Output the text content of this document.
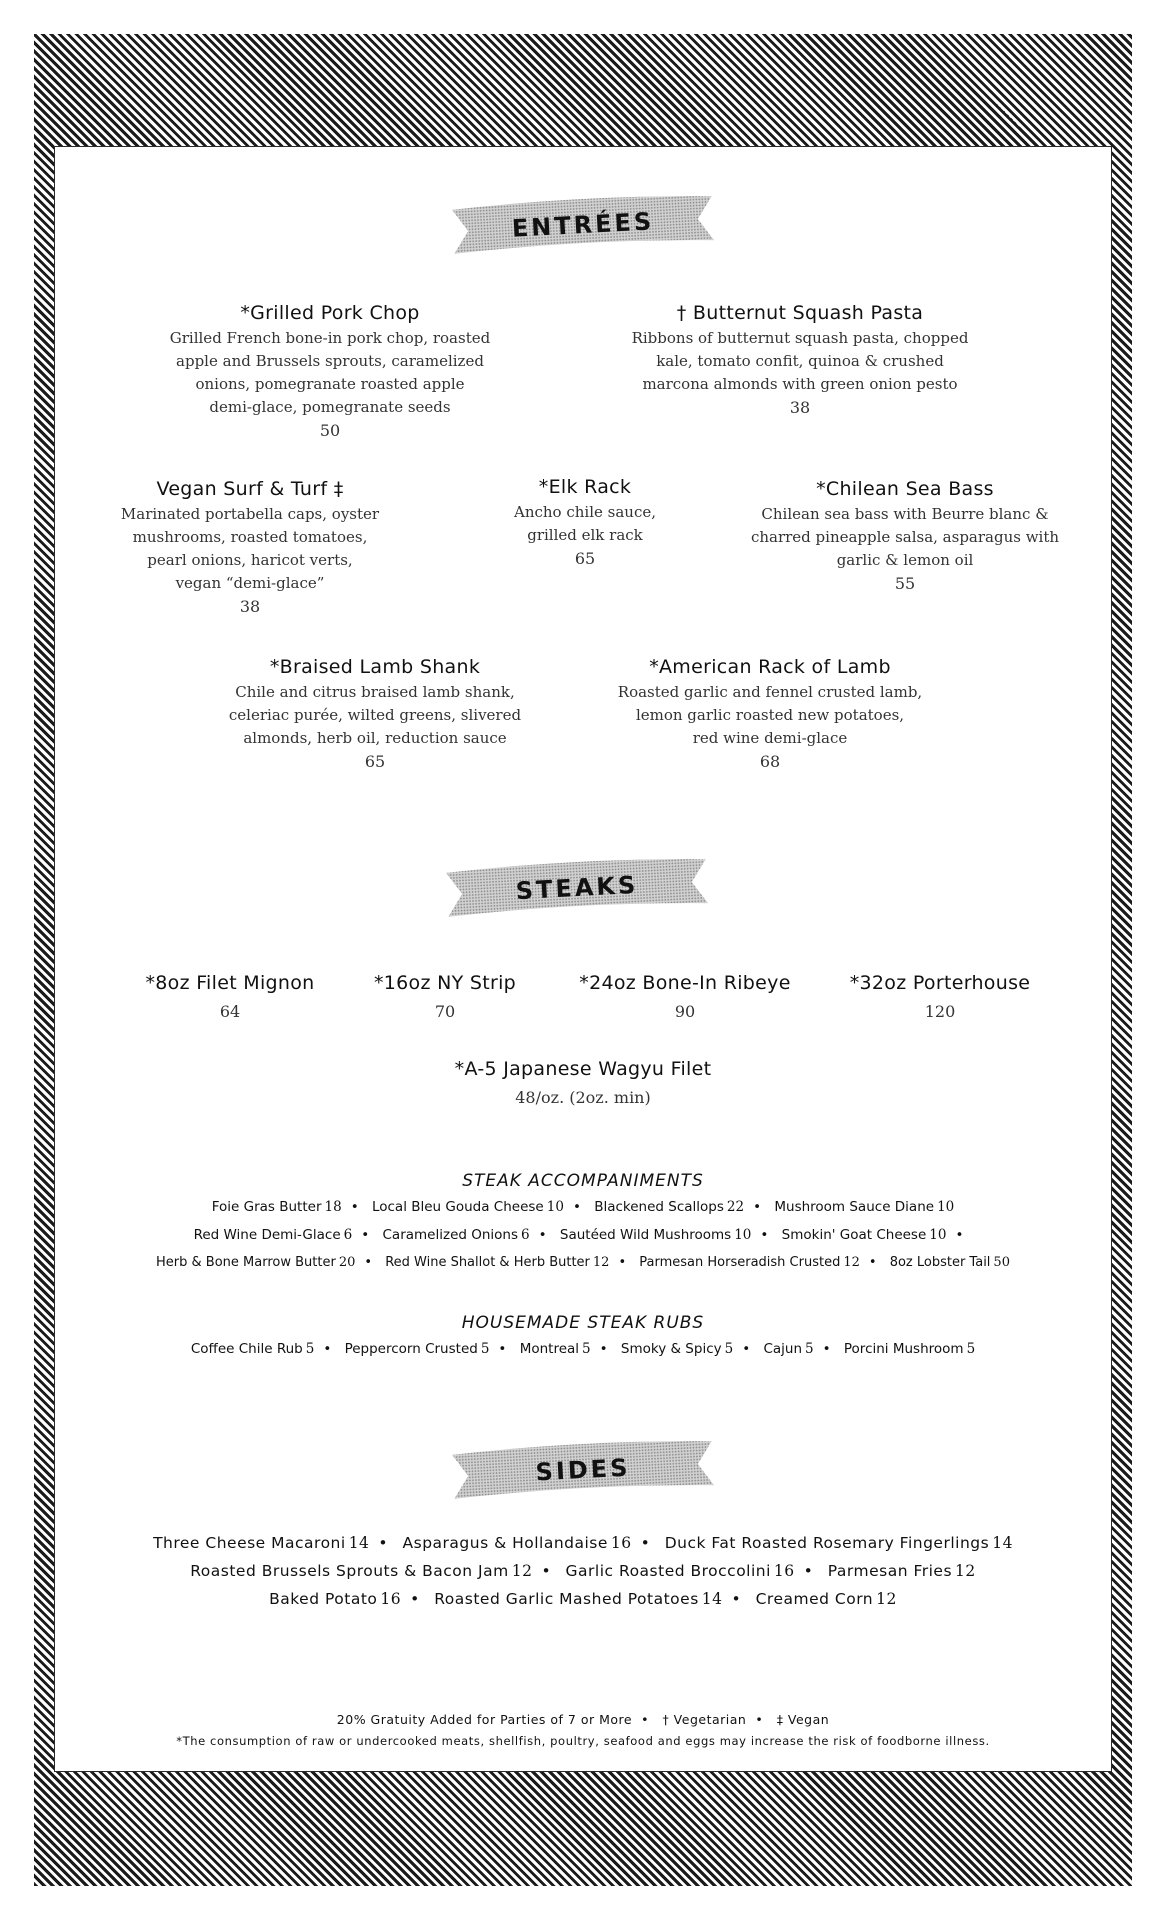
ENTRÉES
*Grilled Pork Chop
Grilled French bone-in pork chop, roasted
apple and Brussels sprouts, caramelized
onions, pomegranate roasted apple
demi-glace, pomegranate seeds
50
† Butternut Squash Pasta
Ribbons of butternut squash pasta, chopped
kale, tomato confit, quinoa & crushed
marcona almonds with green onion pesto
38
Vegan Surf & Turf ‡
Marinated portabella caps, oyster
mushrooms, roasted tomatoes,
pearl onions, haricot verts,
vegan “demi-glace”
38
*Elk Rack
Ancho chile sauce,
grilled elk rack
65
*Chilean Sea Bass
Chilean sea bass with Beurre blanc &
charred pineapple salsa, asparagus with
garlic & lemon oil
55
*Braised Lamb Shank
Chile and citrus braised lamb shank,
celeriac purée, wilted greens, slivered
almonds, herb oil, reduction sauce
65
*American Rack of Lamb
Roasted garlic and fennel crusted lamb,
lemon garlic roasted new potatoes,
red wine demi-glace
68
STEAKS
*8oz Filet Mignon
64
*16oz NY Strip
70
*24oz Bone-In Ribeye
90
*32oz Porterhouse
120
*A-5 Japanese Wagyu Filet
48/oz. (2oz. min)
STEAK ACCOMPANIMENTS
Foie Gras Butter 18 • Local Bleu Gouda Cheese 10 • Blackened Scallops 22 • Mushroom Sauce Diane 10
Red Wine Demi-Glace 6 • Caramelized Onions 6 • Sautéed Wild Mushrooms 10 • Smokin' Goat Cheese 10 •
Herb & Bone Marrow Butter 20 • Red Wine Shallot & Herb Butter 12 • Parmesan Horseradish Crusted 12 • 8oz Lobster Tail 50
HOUSEMADE STEAK RUBS
Coffee Chile Rub 5 • Peppercorn Crusted 5 • Montreal 5 • Smoky & Spicy 5 • Cajun 5 • Porcini Mushroom 5
SIDES
Three Cheese Macaroni 14 • Asparagus & Hollandaise 16 • Duck Fat Roasted Rosemary Fingerlings 14
Roasted Brussels Sprouts & Bacon Jam 12 • Garlic Roasted Broccolini 16 • Parmesan Fries 12
Baked Potato 16 • Roasted Garlic Mashed Potatoes 14 • Creamed Corn 12
20% Gratuity Added for Parties of 7 or More • † Vegetarian • ‡ Vegan
*The consumption of raw or undercooked meats, shellfish, poultry, seafood and eggs may increase the risk of foodborne illness.
